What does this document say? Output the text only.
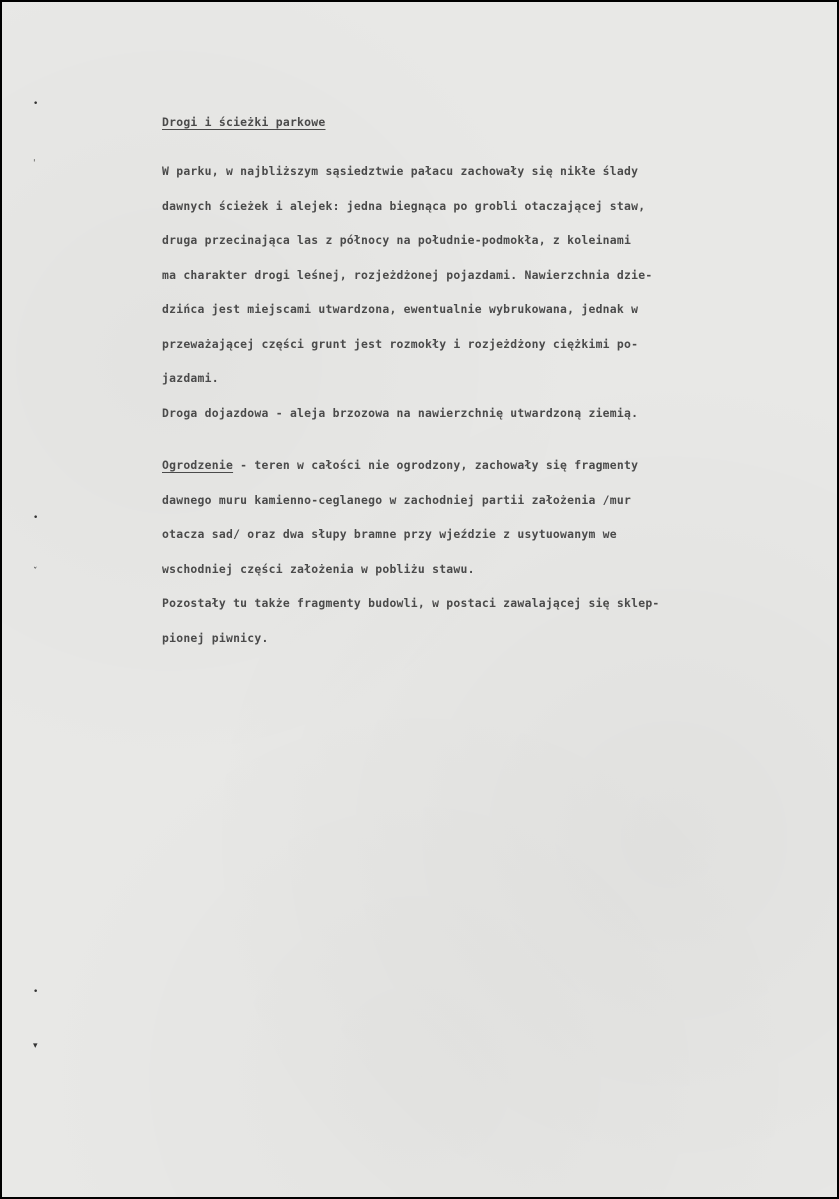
•
ˌ
•
ˇ
•
▾
Drogi i ścieżki parkowe
W parku, w najbliższym sąsiedztwie pałacu zachowały się nikłe ślady
dawnych ścieżek i alejek: jedna biegnąca po grobli otaczającej staw,
druga przecinająca las z północy na południe-podmokła, z koleinami
ma charakter drogi leśnej, rozjeżdżonej pojazdami. Nawierzchnia dzie-
dzińca jest miejscami utwardzona, ewentualnie wybrukowana, jednak w
przeważającej części grunt jest rozmokły i rozjeżdżony ciężkimi po-
jazdami.
Droga dojazdowa - aleja brzozowa na nawierzchnię utwardzoną ziemią.
Ogrodzenie - teren w całości nie ogrodzony, zachowały się fragmenty
dawnego muru kamienno-ceglanego w zachodniej partii założenia /mur
otacza sad/ oraz dwa słupy bramne przy wjeździe z usytuowanym we
wschodniej części założenia w pobliżu stawu.
Pozostały tu także fragmenty budowli, w postaci zawalającej się sklep-
pionej piwnicy.
